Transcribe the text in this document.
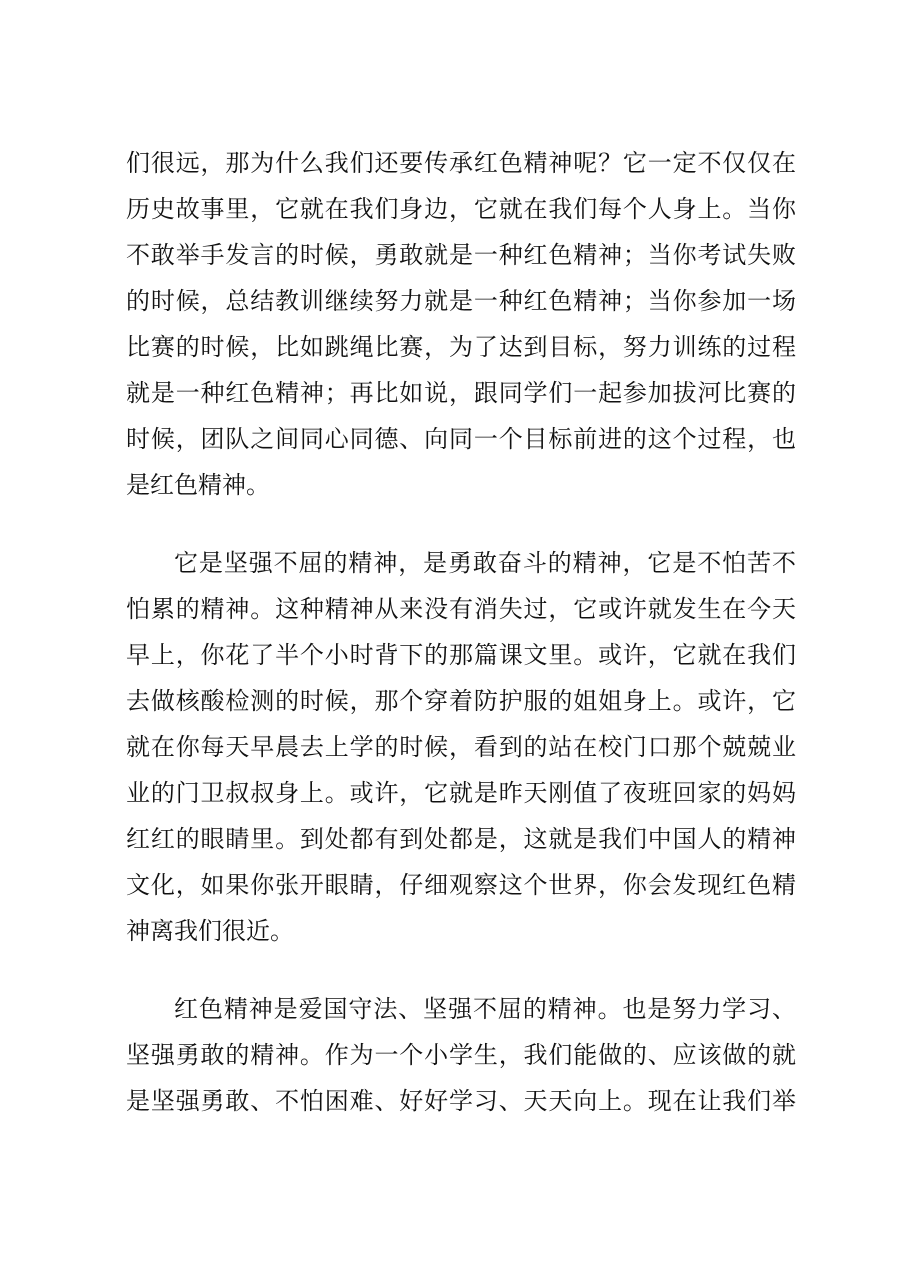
们很远，那为什么我们还要传承红色精神呢？它一定不仅仅在
历史故事里，它就在我们身边，它就在我们每个人身上。当你
不敢举手发言的时候，勇敢就是一种红色精神；当你考试失败
的时候，总结教训继续努力就是一种红色精神；当你参加一场
比赛的时候，比如跳绳比赛，为了达到目标，努力训练的过程
就是一种红色精神；再比如说，跟同学们一起参加拔河比赛的
时候，团队之间同心同德、向同一个目标前进的这个过程，也
是红色精神。
它是坚强不屈的精神，是勇敢奋斗的精神，它是不怕苦不
怕累的精神。这种精神从来没有消失过，它或许就发生在今天
早上，你花了半个小时背下的那篇课文里。或许，它就在我们
去做核酸检测的时候，那个穿着防护服的姐姐身上。或许，它
就在你每天早晨去上学的时候，看到的站在校门口那个兢兢业
业的门卫叔叔身上。或许，它就是昨天刚值了夜班回家的妈妈
红红的眼睛里。到处都有到处都是，这就是我们中国人的精神
文化，如果你张开眼睛，仔细观察这个世界，你会发现红色精
神离我们很近。
红色精神是爱国守法、坚强不屈的精神。也是努力学习、
坚强勇敢的精神。作为一个小学生，我们能做的、应该做的就
是坚强勇敢、不怕困难、好好学习、天天向上。现在让我们举
